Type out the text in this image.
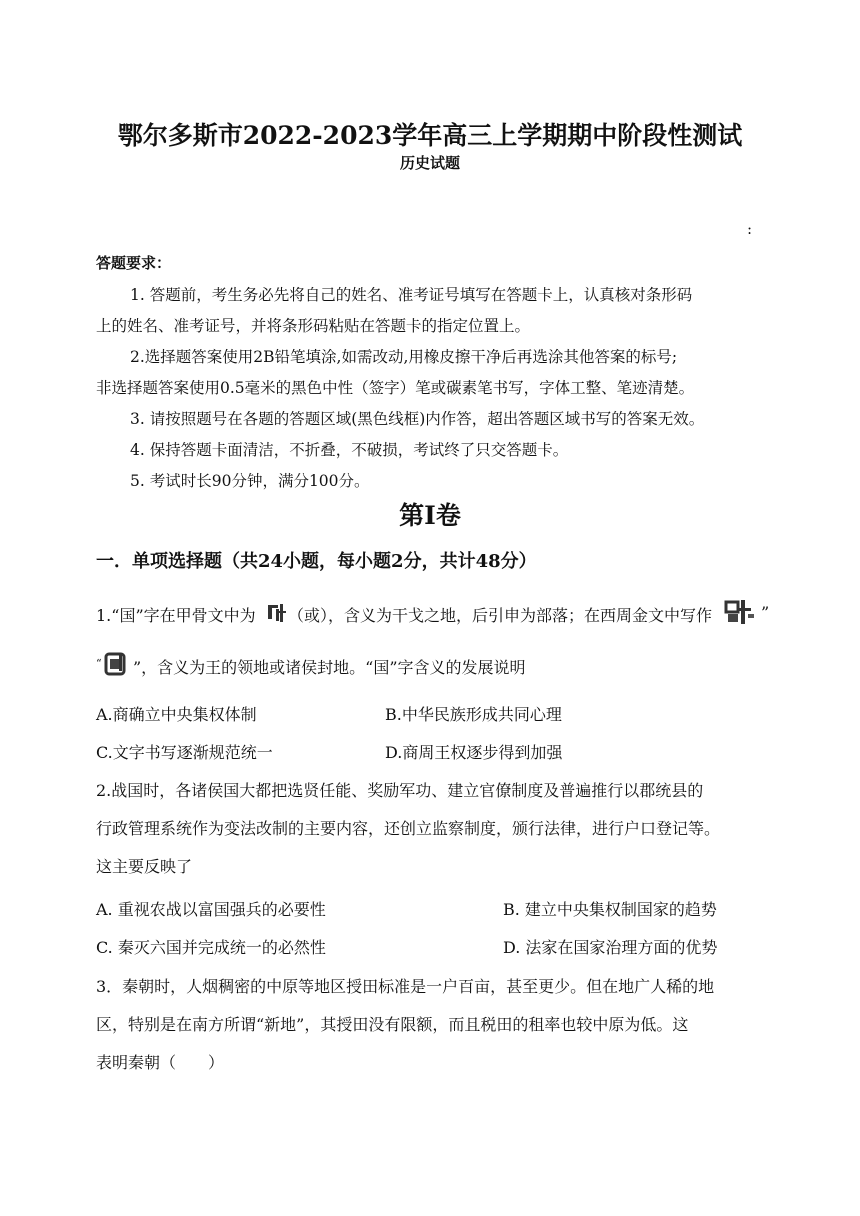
鄂尔多斯市2022-2023学年高三上学期期中阶段性测试
历史试题
:
答题要求：
1. 答题前，考生务必先将自己的姓名、准考证号填写在答题卡上，认真核对条形码
上的姓名、准考证号，并将条形码粘贴在答题卡的指定位置上。
2.选择题答案使用2B铅笔填涂,如需改动,用橡皮擦干净后再选涂其他答案的标号;
非选择题答案使用0.5毫米的黑色中性（签字）笔或碳素笔书写，字体工整、笔迹清楚。
3. 请按照题号在各题的答题区域(黑色线框)内作答，超出答题区域书写的答案无效。
4. 保持答题卡面清洁，不折叠，不破损，考试终了只交答题卡。
5. 考试时长90分钟，满分100分。
第Ⅰ卷
一．单项选择题（共24小题，每小题2分，共计48分）
1.“国”字在甲骨文中为 （或），含义为干戈之地，后引申为部落；在西周金文中写作	”
“ ”，含义为王的领地或诸侯封地。“国”字含义的发展说明
A.商确立中央集权体制	B.中华民族形成共同心理
C.文字书写逐渐规范统一	D.商周王权逐步得到加强
2.战国时，各诸侯国大都把选贤任能、奖励军功、建立官僚制度及普遍推行以郡统县的
行政管理系统作为变法改制的主要内容，还创立监察制度，颁行法律，进行户口登记等。
这主要反映了
A. 重视农战以富国强兵的必要性	B. 建立中央集权制国家的趋势
C. 秦灭六国并完成统一的必然性	D. 法家在国家治理方面的优势
3．秦朝时，人烟稠密的中原等地区授田标准是一户百亩，甚至更少。但在地广人稀的地
区，特别是在南方所谓“新地”，其授田没有限额，而且税田的租率也较中原为低。这
表明秦朝（　　）
